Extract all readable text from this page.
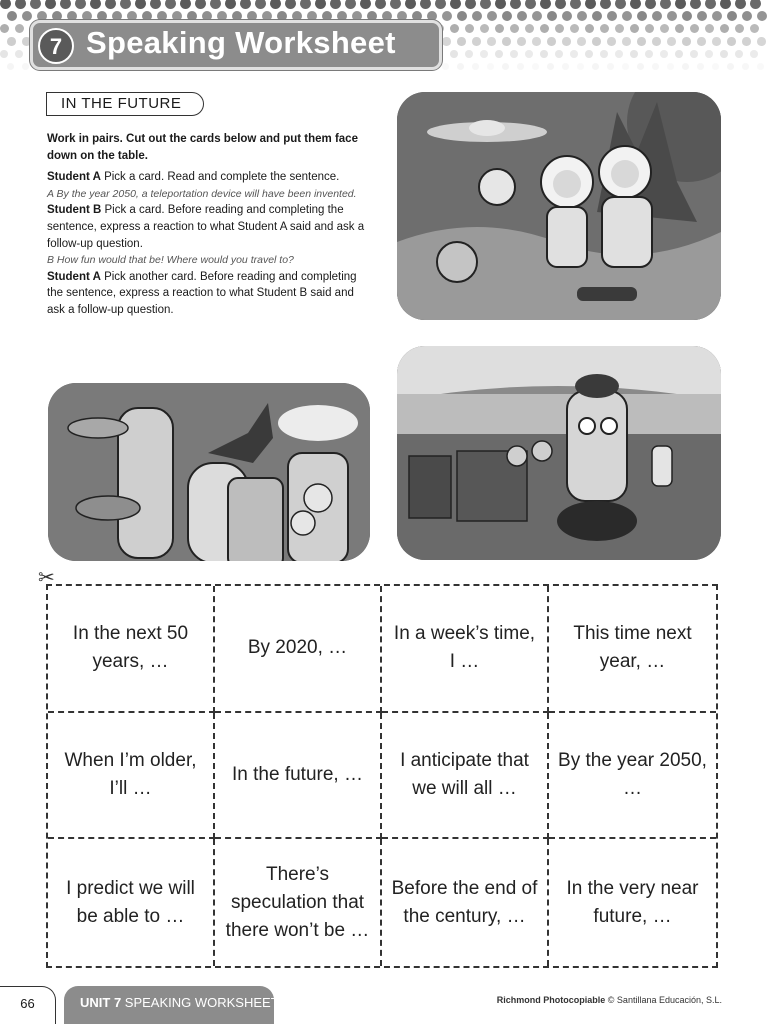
7 Speaking Worksheet
IN THE FUTURE

Work in pairs. Cut out the cards below and put them face down on the table.

Student A Pick a card. Read and complete the sentence.

A By the year 2050, a teleportation device will have been invented.

Student B Pick a card. Before reading and completing the sentence, express a reaction to what Student A said and ask a follow-up question.

B How fun would that be! Where would you travel to?

Student A Pick another card. Before reading and completing the sentence, express a reaction to what Student B said and ask a follow-up question.

✂
In the next 50 years, …
By 2020, …
In a week’s time, I …
This time next year, …
When I’m older, I’ll …
In the future, …
I anticipate that we will all …
By the year 2050, …
I predict we will be able to …
There’s speculation that there won’t be …
Before the end of the century, …
In the very near future, …
66	UNIT 7 SPEAKING WORKSHEET	Richmond Photocopiable © Santillana Educación, S.L.
